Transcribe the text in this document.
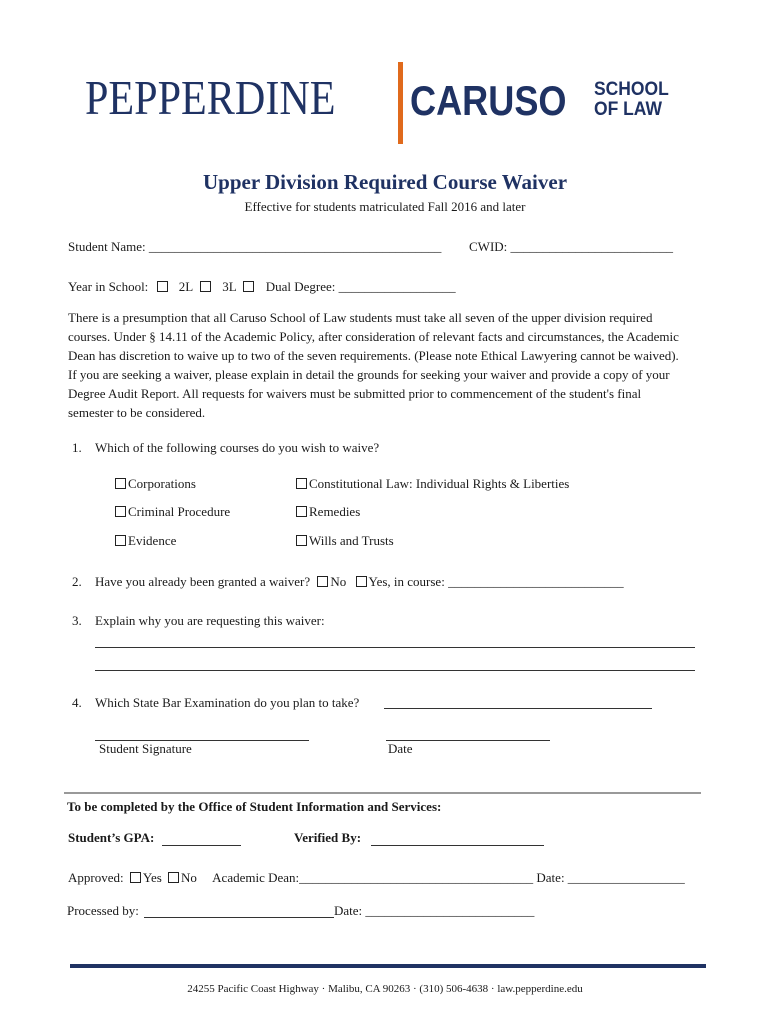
PEPPERDINE CARUSO SCHOOL
OF LAW
Upper Division Required Course Waiver
Effective for students matriculated Fall 2016 and later
Student Name: _____________________________________________ CWID: _________________________
Year in School: 2L 3L Dual Degree: __________________
There is a presumption that all Caruso School of Law students must take all seven of the upper division required courses. Under § 14.11 of the Academic Policy, after consideration of relevant facts and circumstances, the Academic Dean has discretion to waive up to two of the seven requirements. (Please note Ethical Lawyering cannot be waived). If you are seeking a waiver, please explain in detail the grounds for seeking your waiver and provide a copy of your Degree Audit Report. All requests for waivers must be submitted prior to commencement of the student's final semester to be considered.
1. Which of the following courses do you wish to waive?
Corporations	Constitutional Law: Individual Rights & Liberties
Criminal Procedure	Remedies
Evidence	Wills and Trusts
2. Have you already been granted a waiver? No Yes, in course: ___________________________
3. Explain why you are requesting this waiver:
4. Which State Bar Examination do you plan to take?
Student Signature	Date
To be completed by the Office of Student Information and Services:
Student’s GPA:	Verified By:
Approved: Yes No Academic Dean:____________________________________ Date: __________________
Processed by:	Date: __________________________
24255 Pacific Coast Highway · Malibu, CA 90263 · (310) 506-4638 · law.pepperdine.edu
